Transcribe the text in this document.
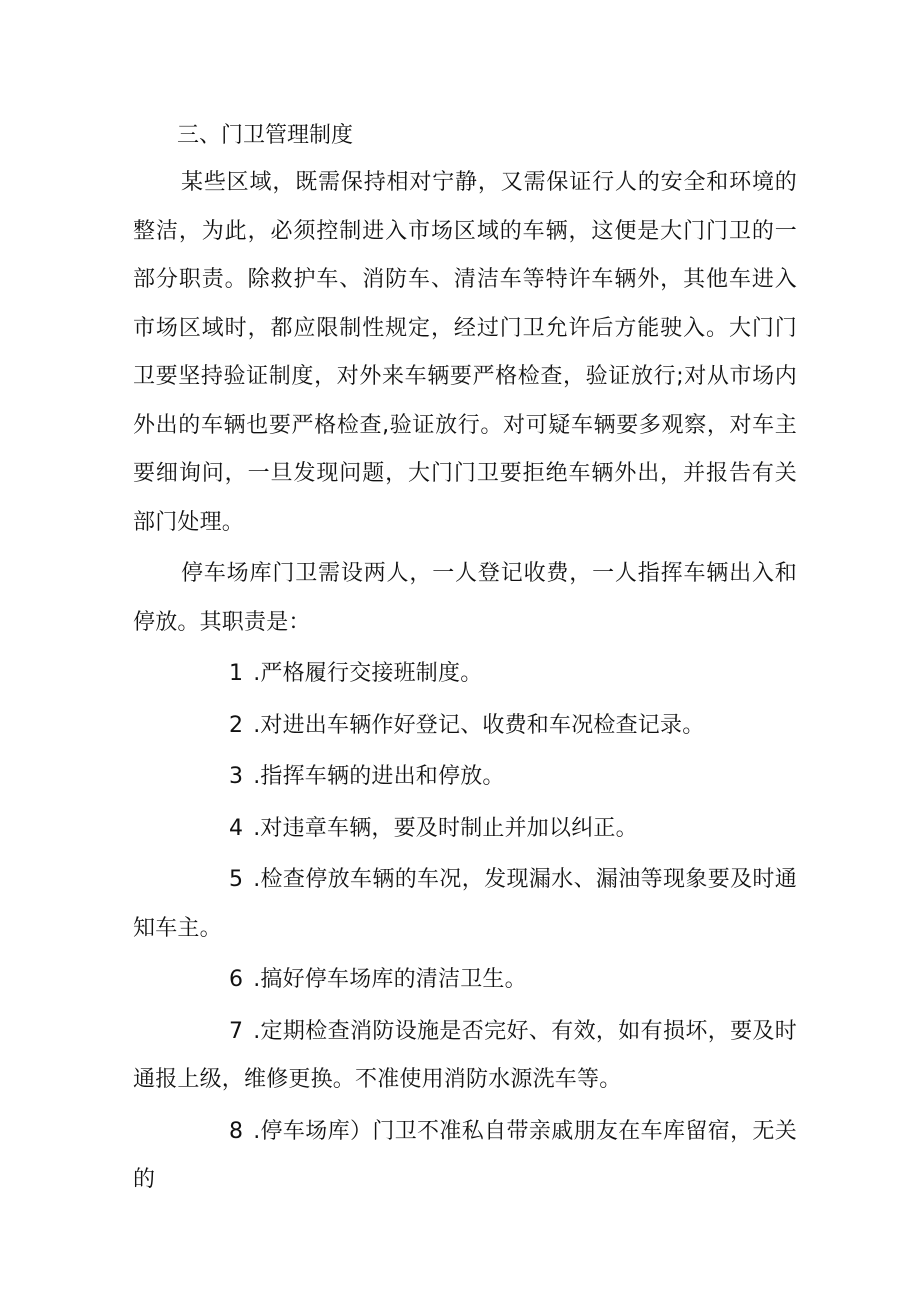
三、门卫管理制度

某些区域，既需保持相对宁静，又需保证行人的安全和环境的整洁，为此，必须控制进入市场区域的车辆，这便是大门门卫的一部分职责。除救护车、消防车、清洁车等特许车辆外，其他车进入市场区域时，都应限制性规定，经过门卫允许后方能驶入。大门门卫要坚持验证制度，对外来车辆要严格检查，验证放行;对从市场内外出的车辆也要严格检查,验证放行。对可疑车辆要多观察，对车主要细询问，一旦发现问题，大门门卫要拒绝车辆外出，并报告有关部门处理。

停车场库门卫需设两人，一人登记收费，一人指挥车辆出入和停放。其职责是：

1 .严格履行交接班制度。
2 .对进出车辆作好登记、收费和车况检查记录。
3 .指挥车辆的进出和停放。
4 .对违章车辆，要及时制止并加以纠正。
5 .检查停放车辆的车况，发现漏水、漏油等现象要及时通知车主。
6 .搞好停车场库的清洁卫生。
7 .定期检查消防设施是否完好、有效，如有损坏，要及时通报上级，维修更换。不准使用消防水源洗车等。
8 .停车场库）门卫不准私自带亲戚朋友在车库留宿，无关的
